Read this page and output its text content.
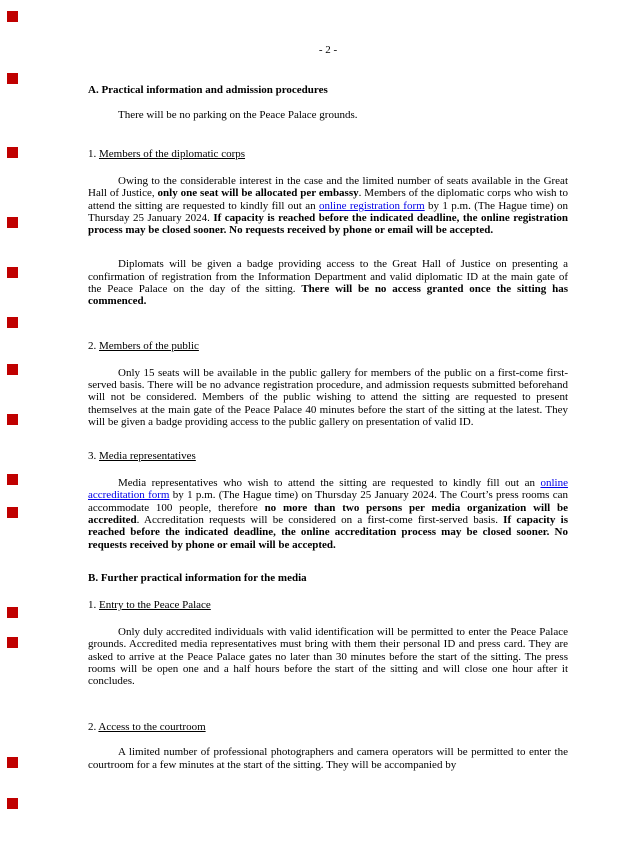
- 2 -
A. Practical information and admission procedures
There will be no parking on the Peace Palace grounds.
1. Members of the diplomatic corps
Owing to the considerable interest in the case and the limited number of seats available in the Great Hall of Justice, only one seat will be allocated per embassy. Members of the diplomatic corps who wish to attend the sitting are requested to kindly fill out an online registration form by 1 p.m. (The Hague time) on Thursday 25 January 2024. If capacity is reached before the indicated deadline, the online registration process may be closed sooner. No requests received by phone or email will be accepted.
Diplomats will be given a badge providing access to the Great Hall of Justice on presenting a confirmation of registration from the Information Department and valid diplomatic ID at the main gate of the Peace Palace on the day of the sitting. There will be no access granted once the sitting has commenced.
2. Members of the public
Only 15 seats will be available in the public gallery for members of the public on a first-come first-served basis. There will be no advance registration procedure, and admission requests submitted beforehand will not be considered. Members of the public wishing to attend the sitting are requested to present themselves at the main gate of the Peace Palace 40 minutes before the start of the sitting at the latest. They will be given a badge providing access to the public gallery on presentation of valid ID.
3. Media representatives
Media representatives who wish to attend the sitting are requested to kindly fill out an online accreditation form by 1 p.m. (The Hague time) on Thursday 25 January 2024. The Court’s press rooms can accommodate 100 people, therefore no more than two persons per media organization will be accredited. Accreditation requests will be considered on a first-come first-served basis. If capacity is reached before the indicated deadline, the online accreditation process may be closed sooner. No requests received by phone or email will be accepted.
B. Further practical information for the media
1. Entry to the Peace Palace
Only duly accredited individuals with valid identification will be permitted to enter the Peace Palace grounds. Accredited media representatives must bring with them their personal ID and press card. They are asked to arrive at the Peace Palace gates no later than 30 minutes before the start of the sitting. The press rooms will be open one and a half hours before the start of the sitting and will close one hour after it concludes.
2. Access to the courtroom
A limited number of professional photographers and camera operators will be permitted to enter the courtroom for a few minutes at the start of the sitting. They will be accompanied by
